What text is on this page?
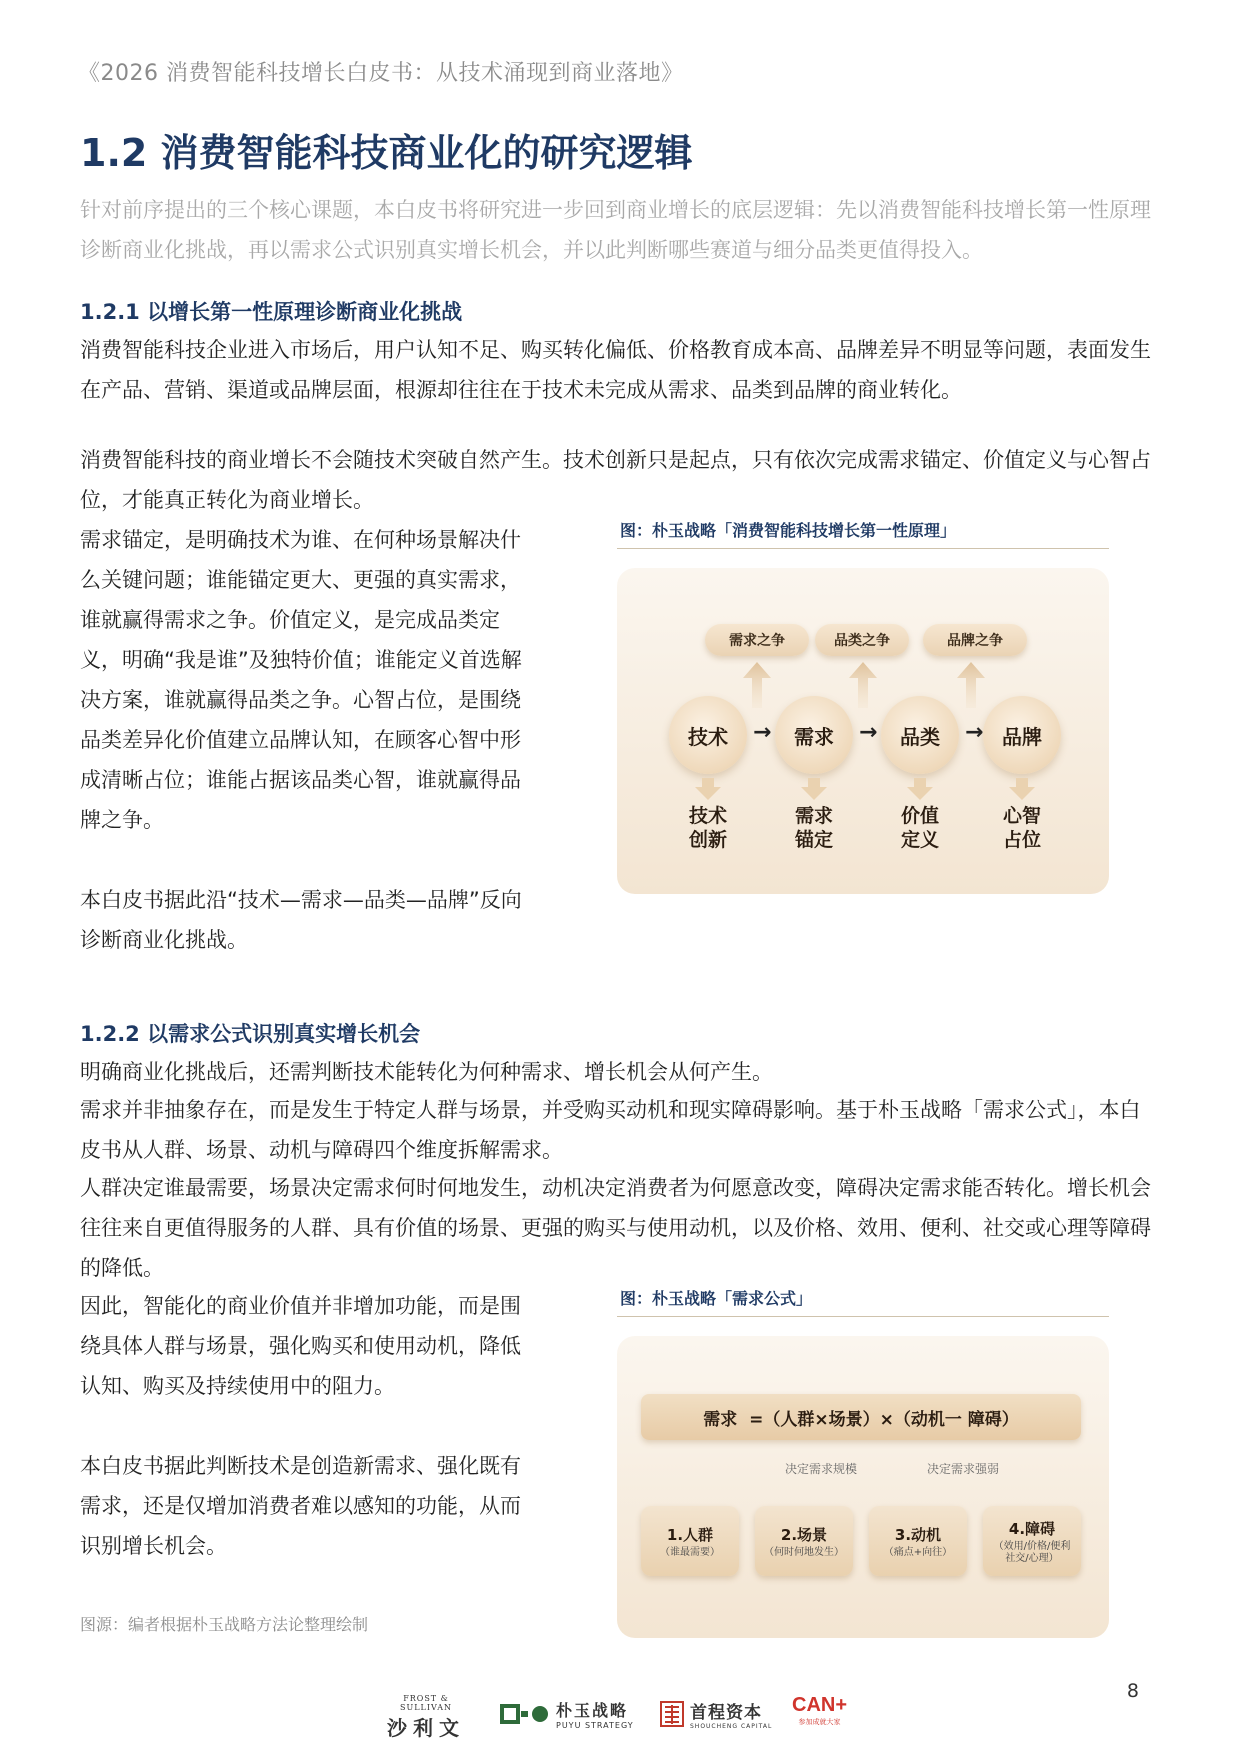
《2026 消费智能科技增长白皮书：从技术涌现到商业落地》
1.2 消费智能科技商业化的研究逻辑
针对前序提出的三个核心课题，本白皮书将研究进一步回到商业增长的底层逻辑：先以消费智能科技增长第一性原理诊断商业化挑战，再以需求公式识别真实增长机会，并以此判断哪些赛道与细分品类更值得投入。
1.2.1 以增长第一性原理诊断商业化挑战
消费智能科技企业进入市场后，用户认知不足、购买转化偏低、价格教育成本高、品牌差异不明显等问题，表面发生在产品、营销、渠道或品牌层面，根源却往往在于技术未完成从需求、品类到品牌的商业转化。
消费智能科技的商业增长不会随技术突破自然产生。技术创新只是起点，只有依次完成需求锚定、价值定义与心智占位，才能真正转化为商业增长。
需求锚定，是明确技术为谁、在何种场景解决什么关键问题；谁能锚定更大、更强的真实需求，谁就赢得需求之争。价值定义，是完成品类定义，明确“我是谁”及独特价值；谁能定义首选解决方案，谁就赢得品类之争。心智占位，是围绕品类差异化价值建立品牌认知，在顾客心智中形成清晰占位；谁能占据该品类心智，谁就赢得品牌之争。
本白皮书据此沿“技术—需求—品类—品牌”反向诊断商业化挑战。
图：朴玉战略「消费智能科技增长第一性原理」
需求之争	品类之争	品牌之争
技术	→	需求	→	品类	→ 品牌
技术
创新
需求
锚定
价值
定义
心智
占位
1.2.2 以需求公式识别真实增长机会
明确商业化挑战后，还需判断技术能转化为何种需求、增长机会从何产生。
需求并非抽象存在，而是发生于特定人群与场景，并受购买动机和现实障碍影响。基于朴玉战略「需求公式」，本白皮书从人群、场景、动机与障碍四个维度拆解需求。
人群决定谁最需要，场景决定需求何时何地发生，动机决定消费者为何愿意改变，障碍决定需求能否转化。增长机会往往来自更值得服务的人群、具有价值的场景、更强的购买与使用动机，以及价格、效用、便利、社交或心理等障碍的降低。
因此，智能化的商业价值并非增加功能，而是围绕具体人群与场景，强化购买和使用动机，降低认知、购买及持续使用中的阻力。
本白皮书据此判断技术是创造新需求、强化既有需求，还是仅增加消费者难以感知的功能，从而识别增长机会。
图：朴玉战略「需求公式」
需求  =（人群×场景）×（动机一 障碍）
决定需求规模	决定需求强弱
1.人群
（谁最需要）
2.场景
（何时何地发生）
3.动机
（痛点+向往）
4.障碍
（效用/价格/便利
社交/心理）
图源：编者根据朴玉战略方法论整理绘制
FROST & SULLIVAN
沙利文
朴玉战略
PUYU STRATEGY
首程资本
SHOUCHENG CAPITAL
CAN+
参加成就大家
8
